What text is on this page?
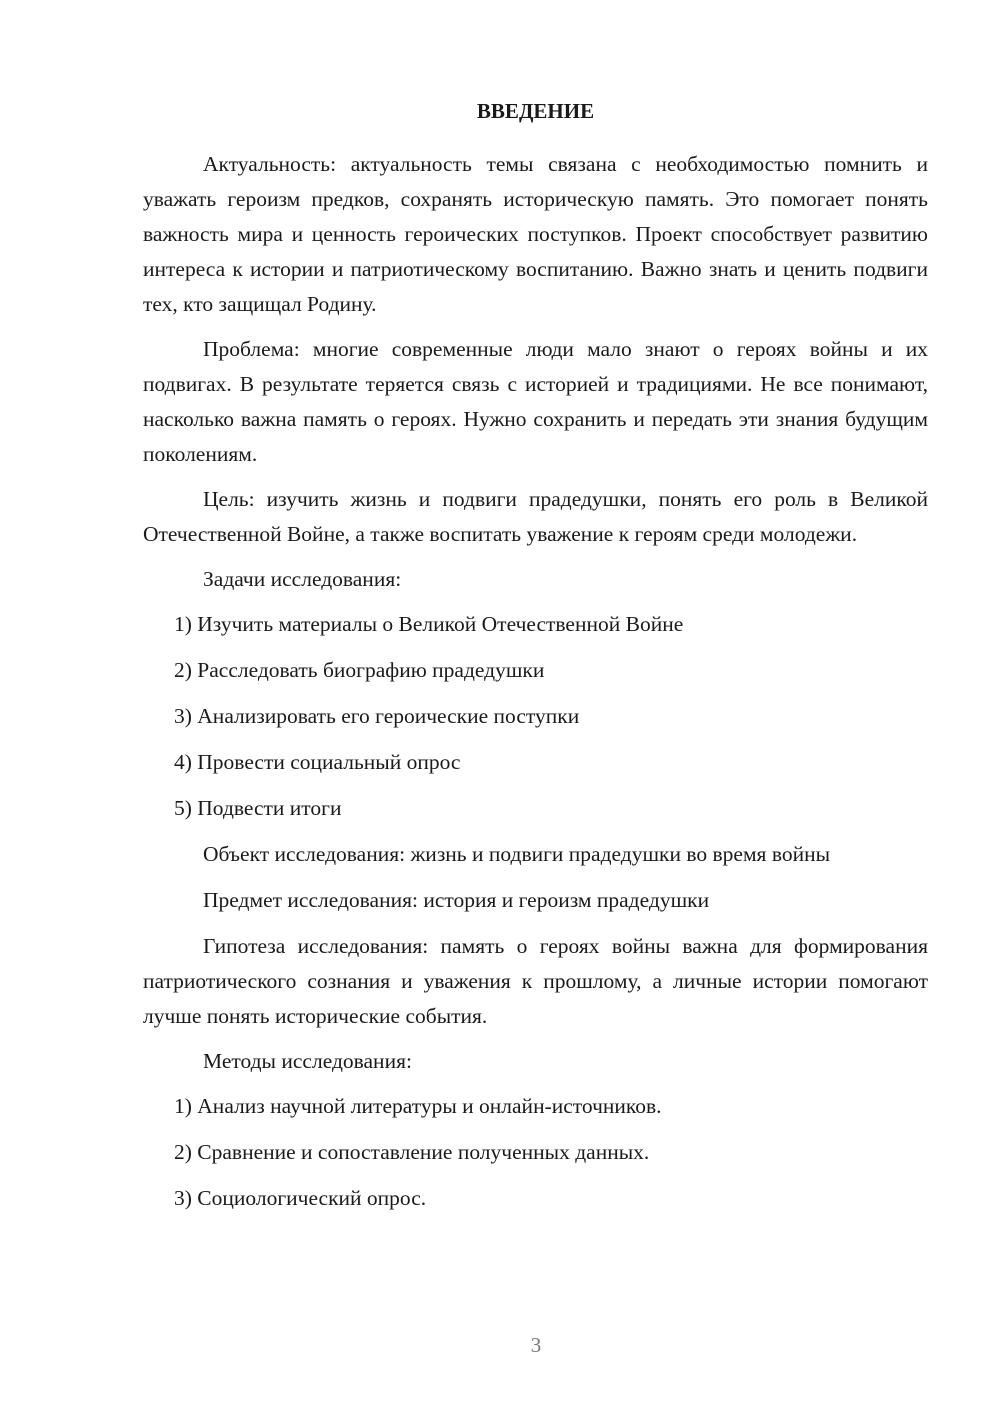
ВВЕДЕНИЕ

Актуальность: актуальность темы связана с необходимостью помнить и уважать героизм предков, сохранять историческую память. Это помогает понять важность мира и ценность героических поступков. Проект способствует развитию интереса к истории и патриотическому воспитанию. Важно знать и ценить подвиги тех, кто защищал Родину.

Проблема: многие современные люди мало знают о героях войны и их подвигах. В результате теряется связь с историей и традициями. Не все понимают, насколько важна память о героях. Нужно сохранить и передать эти знания будущим поколениям.

Цель: изучить жизнь и подвиги прадедушки, понять его роль в Великой Отечественной Войне, а также воспитать уважение к героям среди молодежи.

Задачи исследования:

1) Изучить материалы о Великой Отечественной Войне
2) Расследовать биографию прадедушки
3) Анализировать его героические поступки
4) Провести социальный опрос
5) Подвести итоги

Объект исследования: жизнь и подвиги прадедушки во время войны

Предмет исследования: история и героизм прадедушки

Гипотеза исследования: память о героях войны важна для формирования патриотического сознания и уважения к прошлому, а личные истории помогают лучше понять исторические события.

Методы исследования:

1) Анализ научной литературы и онлайн-источников.
2) Сравнение и сопоставление полученных данных.
3) Социологический опрос.
3
